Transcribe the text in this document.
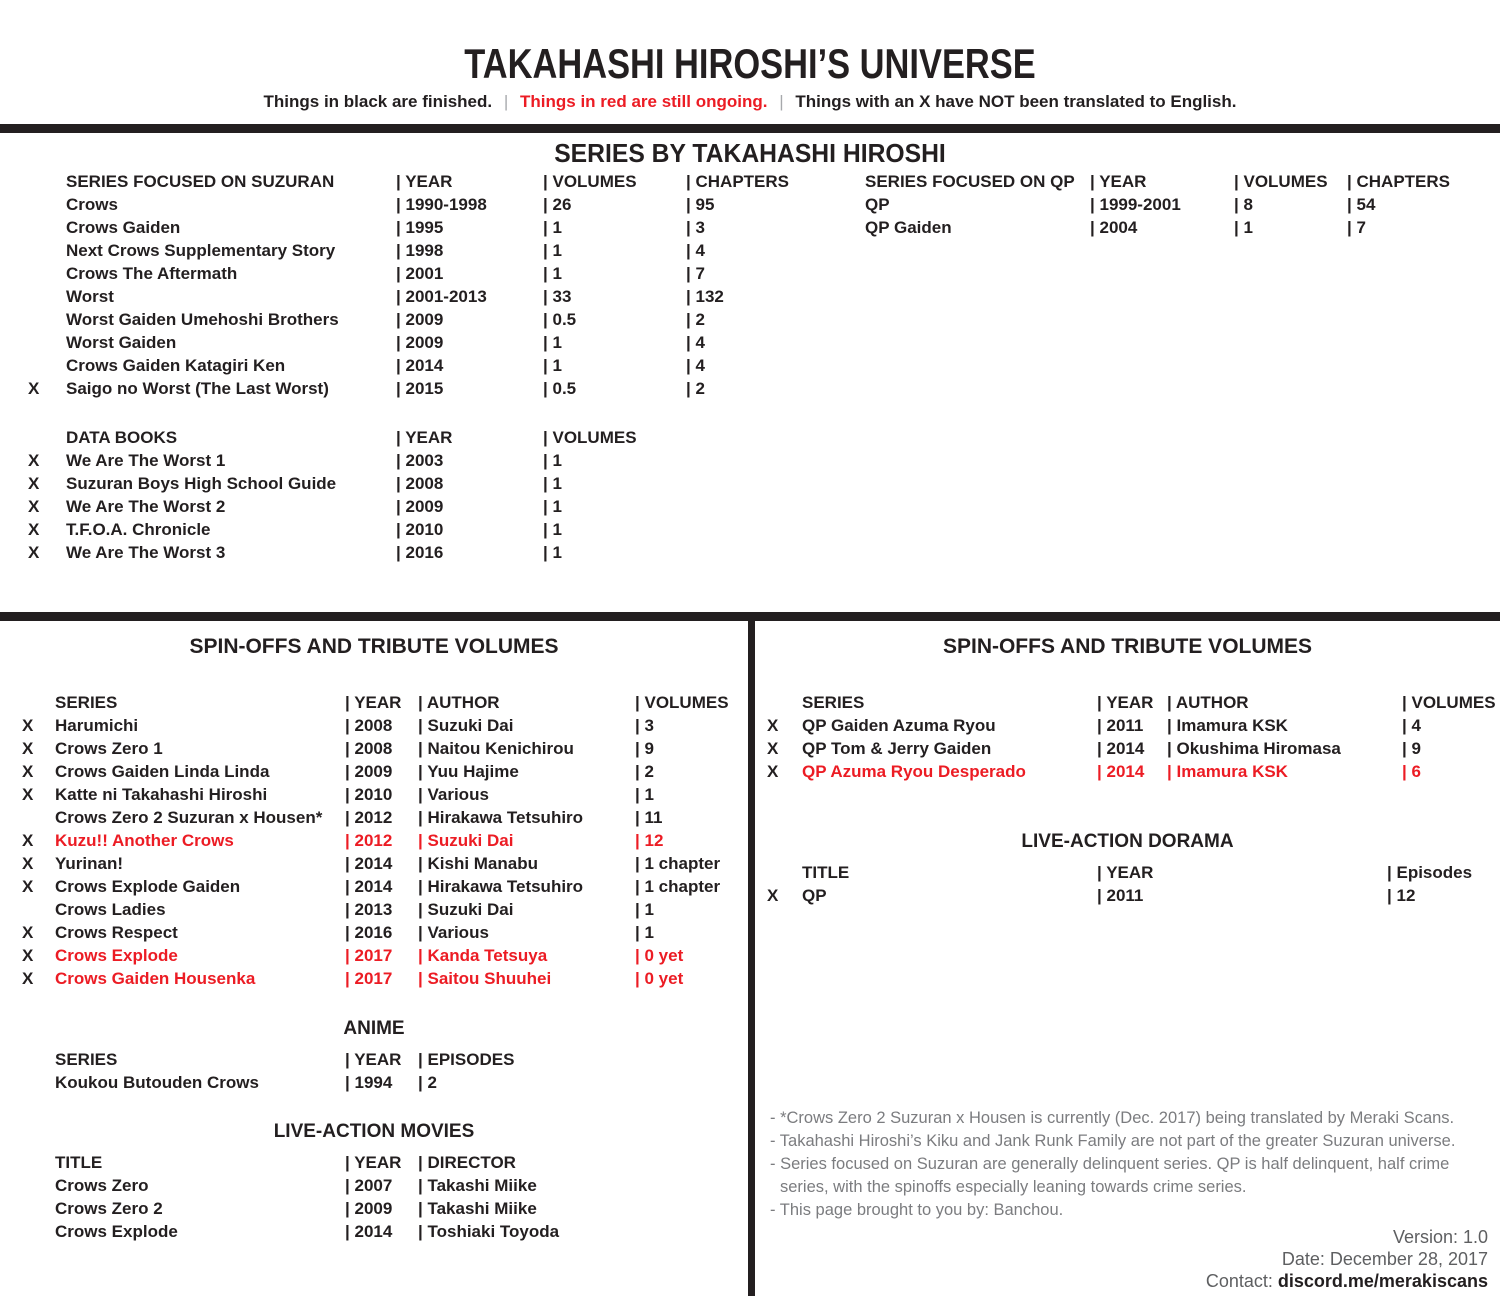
TAKAHASHI HIROSHI’S UNIVERSE

Things in black are finished. | Things in red are still ongoing. | Things with an X have NOT been translated to English.

SERIES BY TAKAHASHI HIROSHI
SERIES FOCUSED ON SUZURAN	| YEAR	| VOLUMES	| CHAPTERS
Crows	| 1990-1998	| 26	| 95
Crows Gaiden	| 1995	| 1	| 3
Next Crows Supplementary Story	| 1998	| 1	| 4
Crows The Aftermath	| 2001	| 1	| 7
Worst	| 2001-2013	| 33	| 132
Worst Gaiden Umehoshi Brothers	| 2009	| 0.5	| 2
Worst Gaiden	| 2009	| 1	| 4
Crows Gaiden Katagiri Ken	| 2014	| 1	| 4
X	Saigo no Worst (The Last Worst)	| 2015	| 0.5	| 2
SERIES FOCUSED ON QP	| YEAR	| VOLUMES	| CHAPTERS
QP	| 1999-2001	| 8	| 54
QP Gaiden	| 2004	| 1	| 7
DATA BOOKS	| YEAR	| VOLUMES
X	We Are The Worst 1	| 2003	| 1
X	Suzuran Boys High School Guide	| 2008	| 1
X	We Are The Worst 2	| 2009	| 1
X	T.F.O.A. Chronicle	| 2010	| 1
X	We Are The Worst 3	| 2016	| 1
SPIN-OFFS AND TRIBUTE VOLUMES
SERIES	| YEAR	| AUTHOR	| VOLUMES
X	Harumichi	| 2008	| Suzuki Dai	| 3
X	Crows Zero 1	| 2008	| Naitou Kenichirou	| 9
X	Crows Gaiden Linda Linda	| 2009	| Yuu Hajime	| 2
X	Katte ni Takahashi Hiroshi	| 2010	| Various	| 1
Crows Zero 2 Suzuran x Housen*	| 2012	| Hirakawa Tetsuhiro	| 11
X	Kuzu!! Another Crows	| 2012	| Suzuki Dai	| 12
X	Yurinan!	| 2014	| Kishi Manabu	| 1 chapter
X	Crows Explode Gaiden	| 2014	| Hirakawa Tetsuhiro	| 1 chapter
Crows Ladies	| 2013	| Suzuki Dai	| 1
X	Crows Respect	| 2016	| Various	| 1
X	Crows Explode	| 2017	| Kanda Tetsuya	| 0 yet
X	Crows Gaiden Housenka	| 2017	| Saitou Shuuhei	| 0 yet
ANIME
SERIES	| YEAR	| EPISODES
Koukou Butouden Crows	| 1994	| 2
LIVE-ACTION MOVIES
TITLE	| YEAR	| DIRECTOR
Crows Zero	| 2007	| Takashi Miike
Crows Zero 2	| 2009	| Takashi Miike
Crows Explode	| 2014	| Toshiaki Toyoda
SPIN-OFFS AND TRIBUTE VOLUMES
SERIES	| YEAR	| AUTHOR	| VOLUMES
X	QP Gaiden Azuma Ryou	| 2011	| Imamura KSK	| 4
X	QP Tom & Jerry Gaiden	| 2014	| Okushima Hiromasa	| 9
X	QP Azuma Ryou Desperado	| 2014	| Imamura KSK	| 6
LIVE-ACTION DORAMA
TITLE	| YEAR	| Episodes
X	QP	| 2011	| 12
- *Crows Zero 2 Suzuran x Housen is currently (Dec. 2017) being translated by Meraki Scans.
- Takahashi Hiroshi’s Kiku and Jank Runk Family are not part of the greater Suzuran universe.
- Series focused on Suzuran are generally delinquent series. QP is half delinquent, half crime series, with the spinoffs especially leaning towards crime series.
- This page brought to you by: Banchou.
Version: 1.0
Date: December 28, 2017
Contact: discord.me/merakiscans
